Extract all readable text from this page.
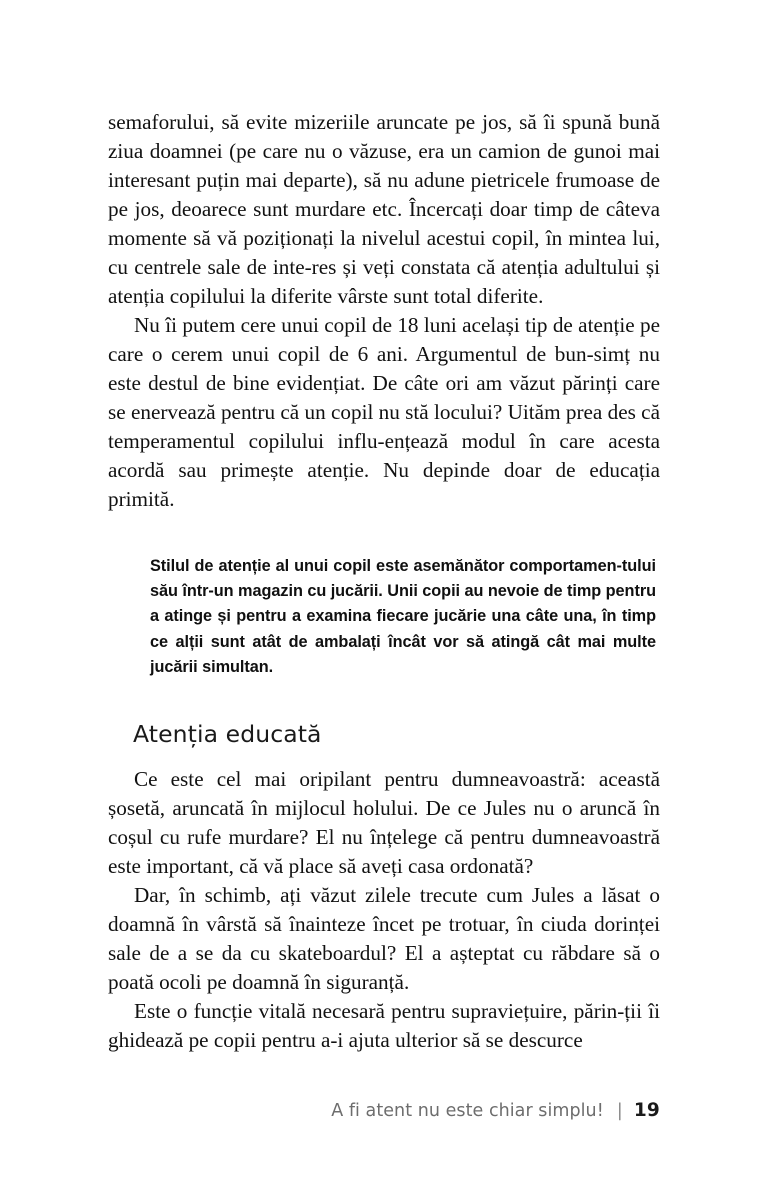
semaforului, să evite mizeriile aruncate pe jos, să îi spună bună ziua doamnei (pe care nu o văzuse, era un camion de gunoi mai interesant puțin mai departe), să nu adune pietricele frumoase de pe jos, deoarece sunt murdare etc. Încercați doar timp de câteva momente să vă poziționați la nivelul acestui copil, în mintea lui, cu centrele sale de inte-res și veți constata că atenția adultului și atenția copilului la diferite vârste sunt total diferite.

Nu îi putem cere unui copil de 18 luni același tip de atenție pe care o cerem unui copil de 6 ani. Argumentul de bun-simț nu este destul de bine evidențiat. De câte ori am văzut părinți care se enervează pentru că un copil nu stă locului? Uităm prea des că temperamentul copilului influ-ențează modul în care acesta acordă sau primește atenție. Nu depinde doar de educația primită.

Stilul de atenție al unui copil este asemănător comportamen-tului său într-un magazin cu jucării. Unii copii au nevoie de timp pentru a atinge și pentru a examina fiecare jucărie una câte una, în timp ce alții sunt atât de ambalați încât vor să atingă cât mai multe jucării simultan.

Atenția educată

Ce este cel mai oripilant pentru dumneavoastră: această șosetă, aruncată în mijlocul holului. De ce Jules nu o aruncă în coșul cu rufe murdare? El nu înțelege că pentru dumneavoastră este important, că vă place să aveți casa ordonată?

Dar, în schimb, ați văzut zilele trecute cum Jules a lăsat o doamnă în vârstă să înainteze încet pe trotuar, în ciuda dorinței sale de a se da cu skateboardul? El a așteptat cu răbdare să o poată ocoli pe doamnă în siguranță.

Este o funcție vitală necesară pentru supraviețuire, părin-ții îi ghidează pe copii pentru a-i ajuta ulterior să se descurce

A fi atent nu este chiar simplu! | 19
